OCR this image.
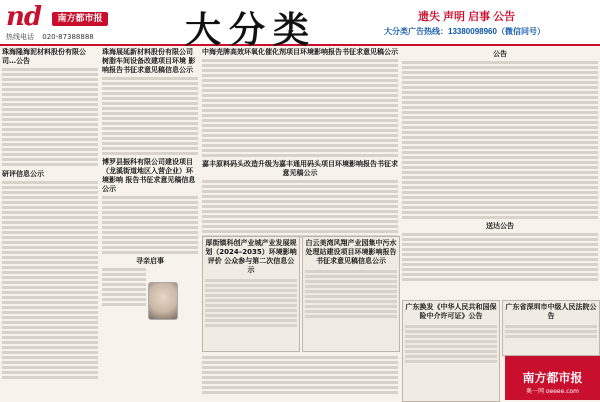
nd	南方都市报
热线电话 020-87388888	大分类	遗失 声明 启事 公告
大分类广告热线：13380098960（微信同号）
珠海隆海泥材料股份有限公司…公告
研评信息公示
珠海展延新材料股份有限公司 树脂车间设备改建项目环境 影响报告书征求意见稿信息公示
博罗县振科有限公司建设项目（龙溪街道地区入营企业）环境影响 报告书征求意见稿信息公示
寻亲启事
中海壳牌高效环氧化催化剂项目环境影响报告书征求意见稿公示
嘉丰原料码头改造升级为嘉丰通用码头项目环境影响报告书征求意见稿公示
厚街镇科创产业城产业发展规划（2024–2035）环境影响评价 公众参与第二次信息公示
白云美湾风翔产业园集中污水处理站建设项目环境影响报告书征求意见稿信息公示
公告
送达公告
广东换发《中华人民共和国保险中介许可证》公告
广东省深圳市中级人民法院公告
南方都市报
奥一网 oeeee.com
